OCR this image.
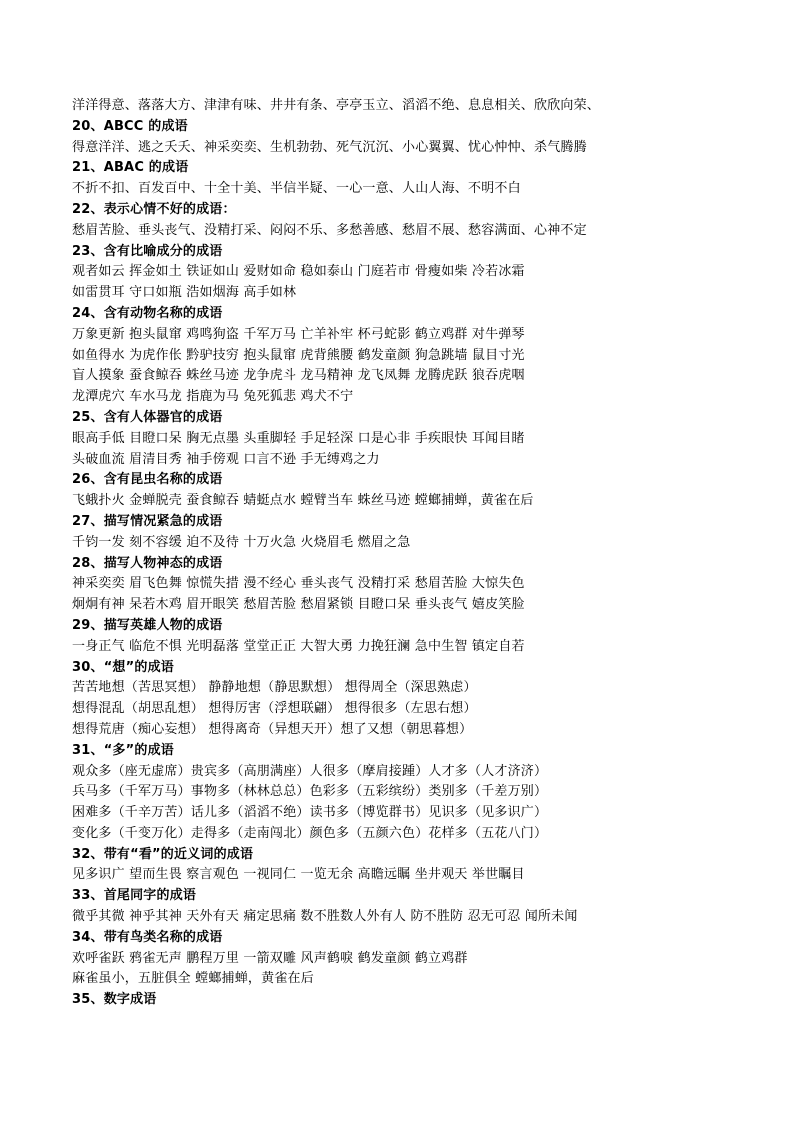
洋洋得意、落落大方、津津有味、井井有条、亭亭玉立、滔滔不绝、息息相关、欣欣向荣、
20、ABCC 的成语
得意洋洋、逃之夭夭、神采奕奕、生机勃勃、死气沉沉、小心翼翼、忧心忡忡、杀气腾腾
21、ABAC 的成语
不折不扣、百发百中、十全十美、半信半疑、一心一意、人山人海、不明不白
22、表示心情不好的成语：
愁眉苦脸、垂头丧气、没精打采、闷闷不乐、多愁善感、愁眉不展、愁容满面、心神不定
23、含有比喻成分的成语
观者如云 挥金如土 铁证如山 爱财如命 稳如泰山 门庭若市 骨瘦如柴 冷若冰霜
如雷贯耳 守口如瓶 浩如烟海 高手如林
24、含有动物名称的成语
万象更新 抱头鼠窜 鸡鸣狗盗 千军万马 亡羊补牢 杯弓蛇影 鹤立鸡群 对牛弹琴
如鱼得水 为虎作伥 黔驴技穷 抱头鼠窜 虎背熊腰 鹤发童颜 狗急跳墙 鼠目寸光
盲人摸象 蚕食鲸吞 蛛丝马迹 龙争虎斗 龙马精神 龙飞凤舞 龙腾虎跃 狼吞虎咽
龙潭虎穴 车水马龙 指鹿为马 兔死狐悲 鸡犬不宁
25、含有人体器官的成语
眼高手低 目瞪口呆 胸无点墨 头重脚轻 手足轻深 口是心非 手疾眼快 耳闻目睹
头破血流 眉清目秀 袖手傍观 口言不逊 手无缚鸡之力
26、含有昆虫名称的成语
飞蛾扑火 金蝉脱壳 蚕食鲸吞 蜻蜓点水 螳臂当车 蛛丝马迹 螳螂捕蝉，黄雀在后
27、描写情况紧急的成语
千钧一发 刻不容缓 迫不及待 十万火急 火烧眉毛 燃眉之急
28、描写人物神态的成语
神采奕奕 眉飞色舞 惊慌失措 漫不经心 垂头丧气 没精打采 愁眉苦脸 大惊失色
炯炯有神 呆若木鸡 眉开眼笑 愁眉苦脸 愁眉紧锁 目瞪口呆 垂头丧气 嬉皮笑脸
29、描写英雄人物的成语
一身正气 临危不惧 光明磊落 堂堂正正 大智大勇 力挽狂澜 急中生智 镇定自若
30、“想”的成语
苦苦地想（苦思冥想） 静静地想（静思默想） 想得周全（深思熟虑）
想得混乱（胡思乱想） 想得厉害（浮想联翩） 想得很多（左思右想）
想得荒唐（痴心妄想） 想得离奇（异想天开）想了又想（朝思暮想）
31、“多”的成语
观众多（座无虚席）贵宾多（高朋满座）人很多（摩肩接踵）人才多（人才济济）
兵马多（千军万马）事物多（林林总总）色彩多（五彩缤纷）类别多（千差万别）
困难多（千辛万苦）话儿多（滔滔不绝）读书多（博览群书）见识多（见多识广）
变化多（千变万化）走得多（走南闯北）颜色多（五颜六色）花样多（五花八门）
32、带有“看”的近义词的成语
见多识广 望而生畏 察言观色 一视同仁 一览无余 高瞻远瞩 坐井观天 举世瞩目
33、首尾同字的成语
微乎其微 神乎其神 天外有天 痛定思痛 数不胜数人外有人 防不胜防 忍无可忍 闻所未闻
34、带有鸟类名称的成语
欢呼雀跃 鸦雀无声 鹏程万里 一箭双雕 风声鹤唳 鹤发童颜 鹤立鸡群
麻雀虽小，五脏俱全 螳螂捕蝉，黄雀在后
35、数字成语
